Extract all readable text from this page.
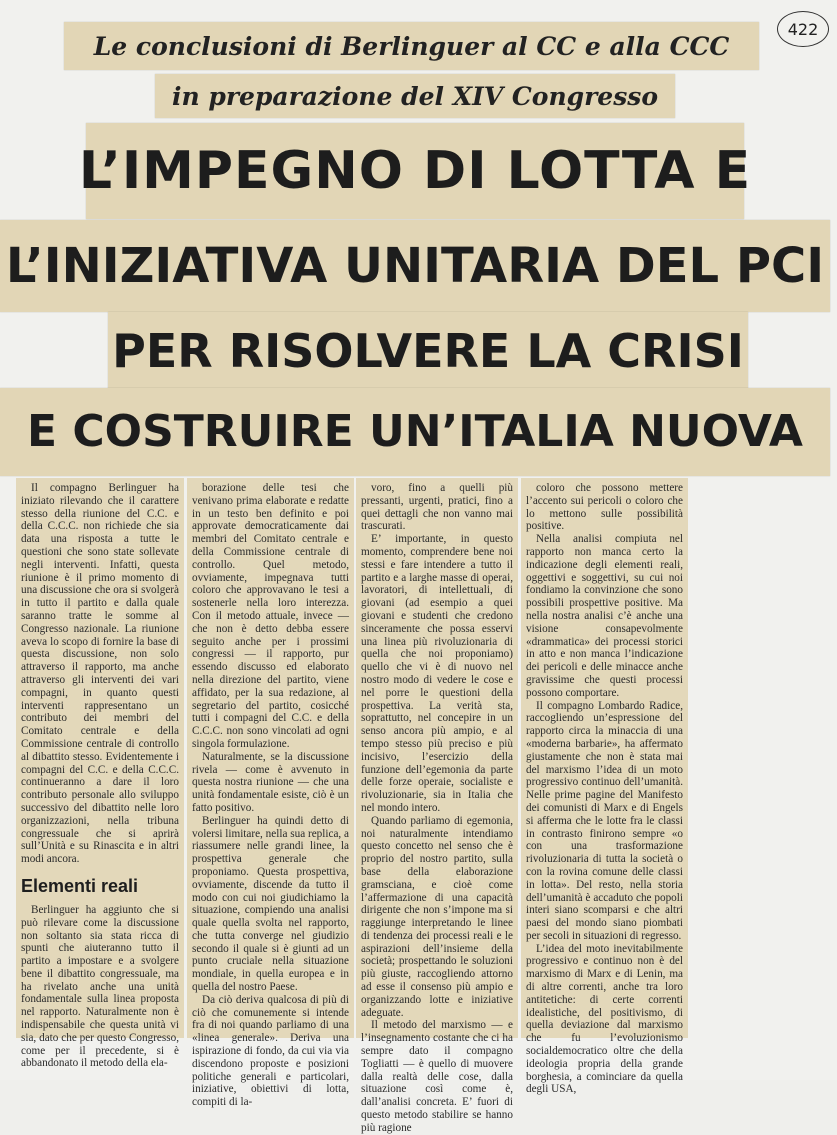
422
Le conclusioni di Berlinguer al CC e alla CCC
in preparazione del XIV Congresso
L’IMPEGNO DI LOTTA E
L’INIZIATIVA UNITARIA DEL PCI
PER RISOLVERE LA CRISI
E COSTRUIRE UN’ITALIA NUOVA

Il compagno Berlinguer ha iniziato rilevando che il carattere stesso della riunione del C.C. e della C.C.C. non richiede che sia data una risposta a tutte le questioni che sono state sollevate negli interventi. Infatti, questa riunione è il primo momento di una discussione che ora si svolgerà in tutto il partito e dalla quale saranno tratte le somme al Congresso nazionale. La riunione aveva lo scopo di fornire la base di questa discussione, non solo attraverso il rapporto, ma anche attraverso gli interventi dei vari compagni, in quanto questi interventi rappresentano un contributo dei membri del Comitato centrale e della Commissione centrale di controllo al dibattito stesso. Evidentemente i compagni del C.C. e della C.C.C. continueranno a dare il loro contributo personale allo sviluppo successivo del dibattito nelle loro organizzazioni, nella tribuna congressuale che si aprirà sull’Unità e su Rinascita e in altri modi ancora.

Elementi reali

Berlinguer ha aggiunto che si può rilevare come la discussione non soltanto sia stata ricca di spunti che aiuteranno tutto il partito a impostare e a svolgere bene il dibattito congressuale, ma ha rivelato anche una unità fondamentale sulla linea proposta nel rapporto. Naturalmente non è indispensabile che questa unità vi sia, dato che per questo Congresso, come per il precedente, si è abbandonato il metodo della ela-

borazione delle tesi che venivano prima elaborate e redatte in un testo ben definito e poi approvate democraticamente dai membri del Comitato centrale e della Commissione centrale di controllo. Quel metodo, ovviamente, impegnava tutti coloro che approvavano le tesi a sostenerle nella loro interezza. Con il metodo attuale, invece — che non è detto debba essere seguito anche per i prossimi congressi — il rapporto, pur essendo discusso ed elaborato nella direzione del partito, viene affidato, per la sua redazione, al segretario del partito, cosicché tutti i compagni del C.C. e della C.C.C. non sono vincolati ad ogni singola formulazione.

Naturalmente, se la discussione rivela — come è avvenuto in questa nostra riunione — che una unità fondamentale esiste, ciò è un fatto positivo.

Berlinguer ha quindi detto di volersi limitare, nella sua replica, a riassumere nelle grandi linee, la prospettiva generale che proponiamo. Questa prospettiva, ovviamente, discende da tutto il modo con cui noi giudichiamo la situazione, compiendo una analisi quale quella svolta nel rapporto, che tutta converge nel giudizio secondo il quale si è giunti ad un punto cruciale nella situazione mondiale, in quella europea e in quella del nostro Paese.

Da ciò deriva qualcosa di più di ciò che comunemente si intende fra di noi quando parliamo di una «linea generale». Deriva una ispirazione di fondo, da cui via via discendono proposte e posizioni politiche generali e particolari, iniziative, obiettivi di lotta, compiti di la-

voro, fino a quelli più pressanti, urgenti, pratici, fino a quei dettagli che non vanno mai trascurati.

E’ importante, in questo momento, comprendere bene noi stessi e fare intendere a tutto il partito e a larghe masse di operai, lavoratori, di intellettuali, di giovani (ad esempio a quei giovani e studenti che credono sinceramente che possa esservi una linea più rivoluzionaria di quella che noi proponiamo) quello che vi è di nuovo nel nostro modo di vedere le cose e nel porre le questioni della prospettiva. La verità sta, soprattutto, nel concepire in un senso ancora più ampio, e al tempo stesso più preciso e più incisivo, l’esercizio della funzione dell’egemonia da parte delle forze operaie, socialiste e rivoluzionarie, sia in Italia che nel mondo intero.

Quando parliamo di egemonia, noi naturalmente intendiamo questo concetto nel senso che è proprio del nostro partito, sulla base della elaborazione gramsciana, e cioè come l’affermazione di una capacità dirigente che non s’impone ma si raggiunge interpretando le linee di tendenza dei processi reali e le aspirazioni dell’insieme della società; prospettando le soluzioni più giuste, raccogliendo attorno ad esse il consenso più ampio e organizzando lotte e iniziative adeguate.

Il metodo del marxismo — e l’insegnamento costante che ci ha sempre dato il compagno Togliatti — è quello di muovere dalla realtà delle cose, dalla situazione così come è, dall’analisi concreta. E’ fuori di questo metodo stabilire se hanno più ragione

coloro che possono mettere l’accento sui pericoli o coloro che lo mettono sulle possibilità positive.

Nella analisi compiuta nel rapporto non manca certo la indicazione degli elementi reali, oggettivi e soggettivi, su cui noi fondiamo la convinzione che sono possibili prospettive positive. Ma nella nostra analisi c’è anche una visione consapevolmente «drammatica» dei processi storici in atto e non manca l’indicazione dei pericoli e delle minacce anche gravissime che questi processi possono comportare.

Il compagno Lombardo Radice, raccogliendo un’espressione del rapporto circa la minaccia di una «moderna barbarie», ha affermato giustamente che non è stata mai del marxismo l’idea di un moto progressivo continuo dell’umanità. Nelle prime pagine del Manifesto dei comunisti di Marx e di Engels si afferma che le lotte fra le classi in contrasto finirono sempre «o con una trasformazione rivoluzionaria di tutta la società o con la rovina comune delle classi in lotta». Del resto, nella storia dell’umanità è accaduto che popoli interi siano scomparsi e che altri paesi del mondo siano piombati per secoli in situazioni di regresso.

L’idea del moto inevitabilmente progressivo e continuo non è del marxismo di Marx e di Lenin, ma di altre correnti, anche tra loro antitetiche: di certe correnti idealistiche, del positivismo, di quella deviazione dal marxismo che fu l’evoluzionismo socialdemocratico oltre che della ideologia propria della grande borghesia, a cominciare da quella degli USA,
